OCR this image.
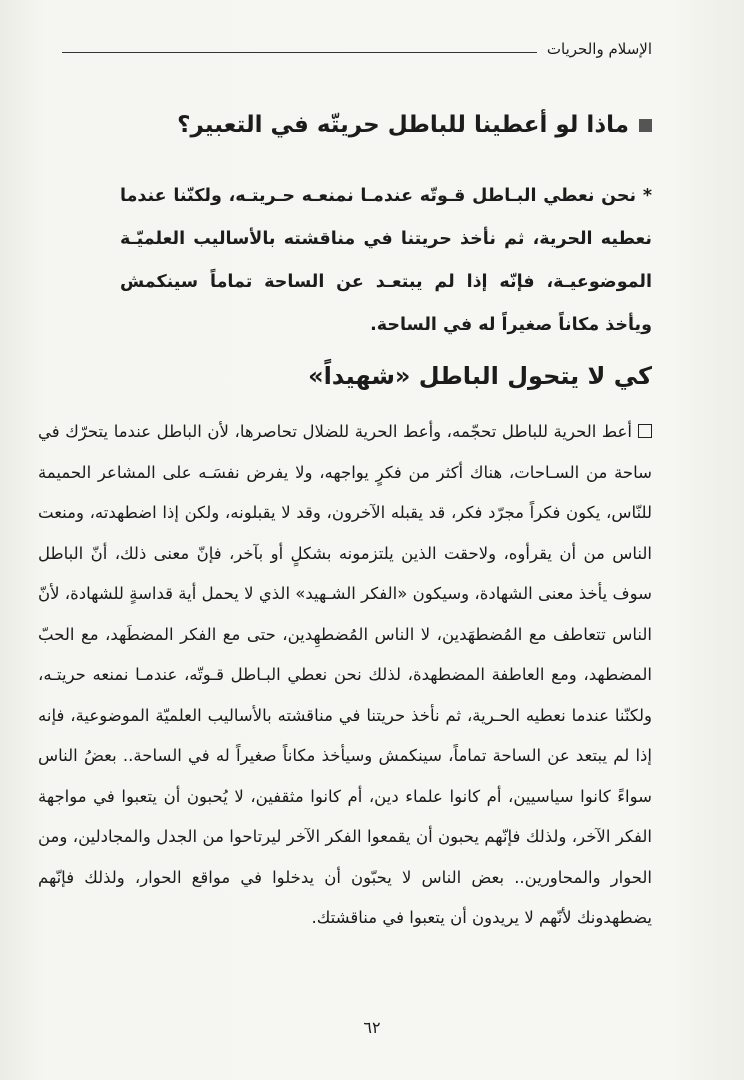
الإسلام والحريات
ماذا لو أعطينا للباطل حريتّه في التعبير؟

* نحن نعطي البـاطل قـوتّه عندمـا نمنعـه حـريتـه، ولكنّنا عندما نعطيه الحرية، ثم نأخذ حريتنا في مناقشته بالأساليب العلميّـة الموضوعيـة، فإنّه إذا لم يبتعـد عن الساحة تماماً سينكمش ويأخذ مكاناً صغيراً له في الساحة.

كي لا يتحول الباطل «شهيداً»

أعط الحرية للباطل تحجّمه، وأعط الحرية للضلال تحاصرها، لأن الباطل عندما يتحرّك في ساحة من السـاحات، هناك أكثر من فكرٍ يواجهه، ولا يفرض نفسَـه على المشاعر الحميمة للنّاس، يكون فكراً مجرّد فكر، قد يقبله الآخرون، وقد لا يقبلونه، ولكن إذا اضطهدته، ومنعت الناس من أن يقرأوه، ولاحقت الذين يلتزمونه بشكلٍ أو بآخر، فإنّ معنى ذلك، أنّ الباطل سوف يأخذ معنى الشهادة، وسيكون «الفكر الشـهيد» الذي لا يحمل أية قداسةٍ للشهادة، لأنّ الناس تتعاطف مع المُضطهَدين، لا الناس المُضطهِدين، حتى مع الفكر المضطَهد، مع الحبّ المضطهد، ومع العاطفة المضطهدة، لذلك نحن نعطي البـاطل قـوتّه، عندمـا نمنعه حريتـه، ولكنّنا عندما نعطيه الحـرية، ثم نأخذ حريتنا في مناقشته بالأساليب العلميّة الموضوعية، فإنه إذا لم يبتعد عن الساحة تماماً، سينكمش وسيأخذ مكاناً صغيراً له في الساحة.. بعضُ الناس سواءً كانوا سياسيين، أم كانوا علماء دين، أم كانوا مثقفين، لا يُحبون أن يتعبوا في مواجهة الفكر الآخر، ولذلك فإنّهم يحبون أن يقمعوا الفكر الآخر ليرتاحوا من الجدل والمجادلين، ومن الحوار والمحاورين.. بعض الناس لا يحبّون أن يدخلوا في مواقع الحوار، ولذلك فإنّهم يضطهدونك لأنّهم لا يريدون أن يتعبوا في مناقشتك.

٦٢
